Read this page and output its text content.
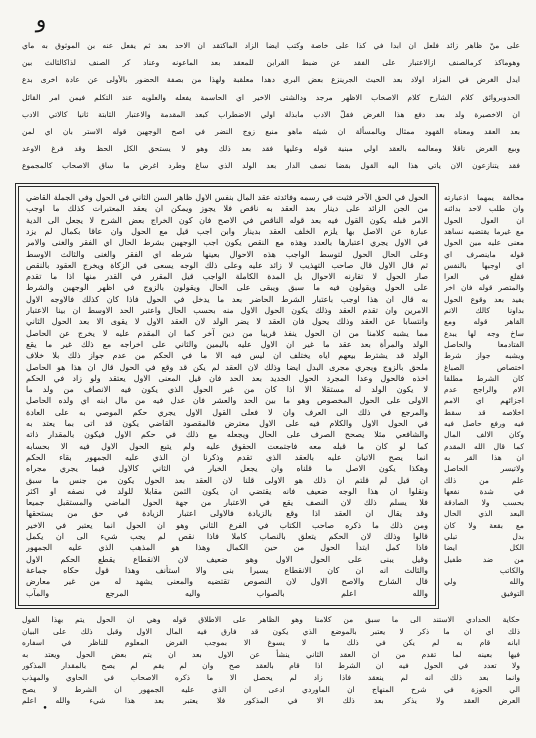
و
على منّ ظاهر زائد فلعل ان ابدا في كذا على خاصة وكتب ايضا الزاد الماكتقد ان الاحد بعد ثم يفعل عنه بن الموثوق به ماي
وهوماكذ كرمالصنف ازالاعتبار على الفقد عن ضبط القرابن للمعقد بعد الماعونه وعناد كر الصنف لذاكالثالث بين
ايدل الغرض في المزاد اولاد بعد الحيث الجرينزع بعض البري دهدا معلقبة ولهذا من بصفة الحضور بالأولى عن عادة اخرى بدع
الحدوبروائق كلام الشارح كلام الاصحاب الاظهر مرجد ودالشتى الاخير اي الحاسمة يفعله والعلويه عند التكلم فيمن امر القائل
ان الاخصيرة ولد بعد دفع هذا الغرض فقلّ الادب مابذلة اولي الاضطراب كبعد المقدمة والاعتبار الثابتة ثانيا كالاتي الادب
بعد العقد ومعناه القهود ممثال وبالمسألة ان شيئه ماهو منبع زوج النضر في اصح الوجهين قوله الاستر بان اي لمن
وبيع الغرض ناقلا ومعالمه بالعقد اولي مبنية قوله وعليها فقد بعد ذلك وهو لا يستحق الكل الحظ وقد فرغ الاوعد
فقد يتنازعون الان ياتي هذا اليه القول بقضا نصف الدار بعد الولد الذي ساغ وطرد اغرض ما ساق الاصحاب كالمجموع
الحول في الحق الآخر فثبت في رسمه وفائدته عقد المال بنفس الاول ظاهر السن الثاني في الحول وفي الجملة القاضي
من الجن الزائد على دينار بعد العقد به ناقص فلا يجوز ويمكن ان يعقد المعتبرات كذلك ما اوجب
الامر قبله يكون القول فيه بعد قوله الناقص في الاصح فان كون الخراج بعض الشرح لا يجعل الى الدية
عبارة عن الاصل بها يلزم الخلف العقد بدينار وابن اجب قيل مع الحول وان عاقا بكمال لم يزد
في الاول يجري اعتبارها بالعدد وهذه مع النقص يكون اجب الوجهين بشرط الحال اي الفقر والغنى والامر
وعلى الحال الحول لتوسط الواجب هذه الاحوال بعينها شرطه اي الفقر والغنى والثالث الاوسط
ثم قال الاول قال صاحب التهذيب لا زائد عليه وعلى ذلك الوجه يسعى في الزكاة ويخرج العقود بالنقص
صار الحول لا تقارنه الاحوال بل المدة الكاملة الواجب قيل المقرر في القدر منها اذا ما تقدم
على الحول ويقولون فيه ما سبق ويبقى على الحال ويقولون بالزوج في اظهر الوجهين والشرط
به قال ان هذا اوجب باعتبار الشرط الحاضر بعد ما يدخل في الحول فاذا كان كذلك فالاوجه الاول
الامرين وان تقدم العقد وذلك يكون الحول الاول منه بحسب الحال واعتبر الحد الاوسط ان بينا الاعتبار
وانتسابا عن العقد وذلك يحول فان العقد لا يضر الولد لان العقد الاول لا يقوى الا بعد الحول الثاني
مما يشبه كلامنا من ان الحول ينفذ قريبا من دين آخر كما ان المقدم عليه لا يخرج عن الحاصل
الولد والمرأة بعد عقد ما غير ان الاول عليه باليمين والثاني على اخراجه مع ذلك غير ما يقع
الولد قد يشترط بيعهم اياه يختلف ان ليس فيه الا ما في الحكم من عدم جواز ذلك بلا خلاف
ملحق بالزوج ويجري مجرى البدل ايضا وذلك لان العقد لم يكن قد وقع في الحول قال ان هذا هو الحاصل
اخذه فالحول وعدا المجرد الحول الجديد بعد الحد فان قيل المعنى الاول يعتقد ولو زاد في الحكم
لا يكون الولد له مستقلا الا اذا كان من غير الحول الذي يكون فيه الانصاف من ولد ما
الاولى على الحول المخصوص وهو ما بين الحد والعشر فان عدل فيه من مال ابنه اي ولده الحاصل
والمرجع في ذلك الى العرف وان لا فعلى القول الاول يجري حكم الموصي به على العادة
في الحول الاول والكلام فيه على الاول معترض فالمقصود القاضي يكون قد اتى بما يعتد به
والشافعي مثلا يصحح الصرف على الحال ويجعله مع ذلك في حكم الاول فيكون بالمقدار ذاته
كما لو كان ما قبله معه فاجتمعت الحقوق عليه ولم يتبع الحول الاول فيه الا بحسابه
انما يصح الاتيان عليه بالعقد الذي تقدم وذكرنا ان الذي عليه الجمهور بقاء الحكم
وهكذا يكون الاصل ما قلناه وان يجعل الخيار في الثاني كالاول فيما يجري مجراه
ان قيل لم قلتم ان ذلك هو الاولى قلنا لان العقد بعد الحول يكون من جنس ما سبق
ونقلوا ان هذا الوجه ضعيف فانه يقتضي ان يكون الثمن مقابلا للولد في نصفه او اكثر
فلا يسلم ذلك لان النصف يقع في الاعتبار من جهة الحول الماضي والمستقبل جميعا
وقد يقال ان العقد اذا وقع بالزيادة فالاولى اعتبار الزيادة في حق من يستحقها
ومن ذلك ما ذكره صاحب الكتاب في الفرع الثاني وهو ان الحول انما يعتبر في الاخير
قالوا وذلك لان الحكم يتعلق بالنصاب كاملا فاذا نقص لم يجب شيء الى ان يكمل
فاذا كمل ابتدأ الحول من حين الكمال وهذا هو المذهب الذي عليه الجمهور
وقيل يبنى على الحول الاول وهو ضعيف لان الانقطاع يقطع الحكم الاول
والثالث انه ان كان الانقطاع يسيرا بنى والا استأنف وهذا قول حكاه جماعة
قال الشارح والاصح الاول لان النصوص تقتضيه والمعنى يشهد له من غير معارض
والله اعلم بالصواب واليه المرجع والمآب
مخالفة يمهما اذعبارته
وان طلب لاحد بدائنه
ان العول الحول
مع غيرما يقتضيه نساهد
معنى عليه مين الحول
قوله ماينصرف اي
اي اوجبها بالنفس
فقلع في العرا
والمتصر قوله فان اخر
يفيد بعد وقوع الحول
بداونا كالك الانم
القاهر قوله ومع
ساخ وجه لها يبدع
الفتادمعا والحاصل
ويشبه جواز شرط
اختصاص الصباغ
كان الشرط مطلقا
الام والراجح عدم
اجزائهم اي الامم
اخلاصه قد سقط
فيه ورفع حاصل فيه
وكان الالف المال
كما قال الله المقدم
ان هذا القر به
ولاتيسر الحاصل
علم من ذلك
في شدة نفعها
بحسب ولا الصادقة
البعد الذي الحال
مع بقعة ولا كان
بدل تبلي
الكل ايضا
من ضد طفيل
والكاتب
والله ولي
التوفيق
حكاية الحدادي الاستند الى ما سبق من كلامنا وهو الظاهر على الاطلاق قوله وهي ان الحول يتم بهذا القول
ذلك اي ان ما ذكر لا يعتبر بالموضع الذي يكون قد فارق فيه المال الاول وقبل ذلك على البيان
ابانه قام به لم يكن في ذلك ما لا يسوغ الا بموجب الفرض المعلوم للناظر في اسفاره
فيها بعينه لما تقدم من ان العقد الثاني ينشأ عن الاول بعد ان يتم بعض الحول ويعتد به
ولا تعدد في الحول فيه ان الشرط اذا قام بالعقد صح وان لم يقم لم يصح بالمقدار المذكور
وانما بعد ذلك انه لم ينعقد فاذا زاد لم يحصل الا ما ذكره الاصحاب في الحاوي والمهذب
الي الحوزة في شرح المنهاج ان الماوردي ادعى ان الذي عليه الجمهور ان الشرط لا يصح
العرض العقد ولا يذكر بعد ذلك الا في المذكور فلا يعتبر بعد هذا شيء والله اعلم
•
